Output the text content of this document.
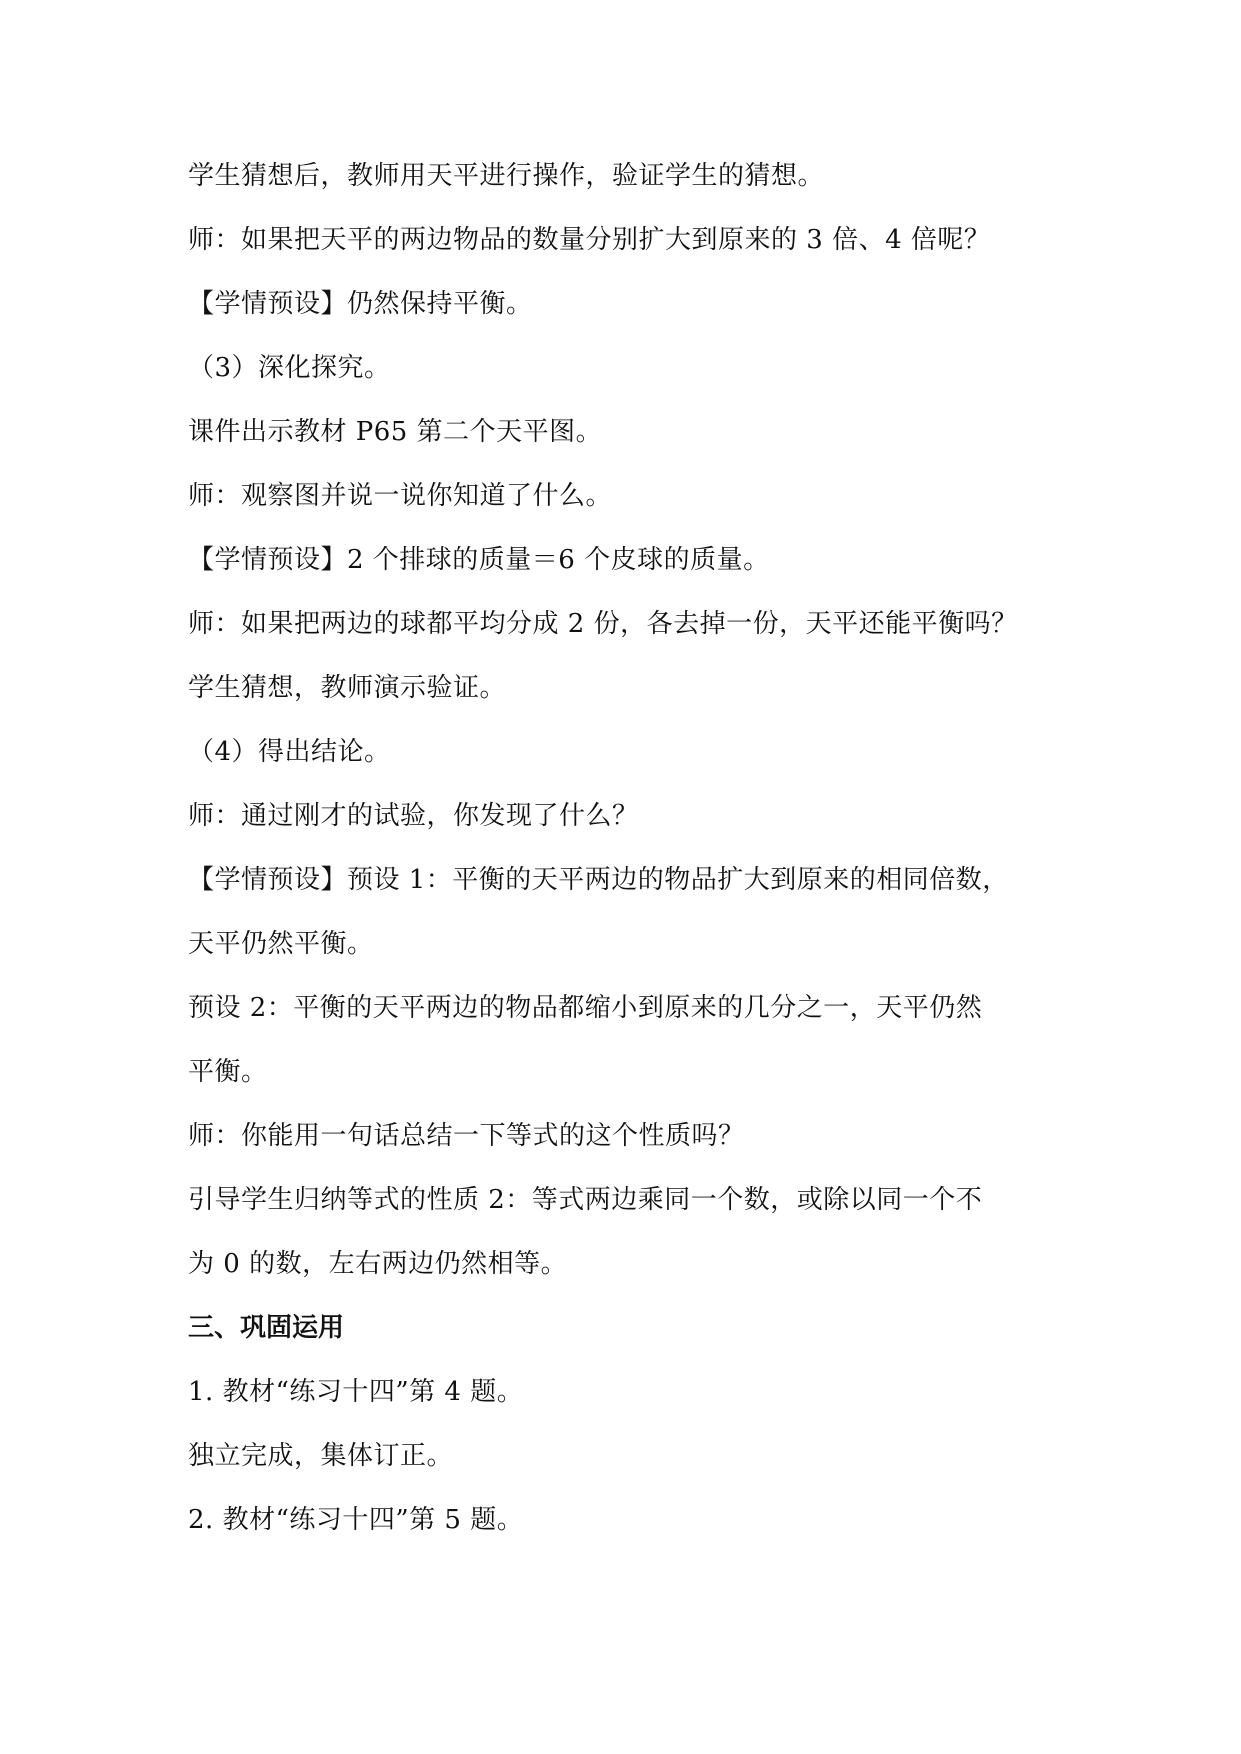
学生猜想后，教师用天平进行操作，验证学生的猜想。
师：如果把天平的两边物品的数量分别扩大到原来的 3 倍、4 倍呢？
【学情预设】仍然保持平衡。
（3）深化探究。
课件出示教材 P65 第二个天平图。
师：观察图并说一说你知道了什么。
【学情预设】2 个排球的质量＝6 个皮球的质量。
师：如果把两边的球都平均分成 2 份，各去掉一份，天平还能平衡吗？
学生猜想，教师演示验证。
（4）得出结论。
师：通过刚才的试验，你发现了什么？
【学情预设】预设 1：平衡的天平两边的物品扩大到原来的相同倍数，
天平仍然平衡。
预设 2：平衡的天平两边的物品都缩小到原来的几分之一，天平仍然
平衡。
师：你能用一句话总结一下等式的这个性质吗？
引导学生归纳等式的性质 2：等式两边乘同一个数，或除以同一个不
为 0 的数，左右两边仍然相等。
三、巩固运用
1. 教材“练习十四”第 4 题。
独立完成，集体订正。
2. 教材“练习十四”第 5 题。
